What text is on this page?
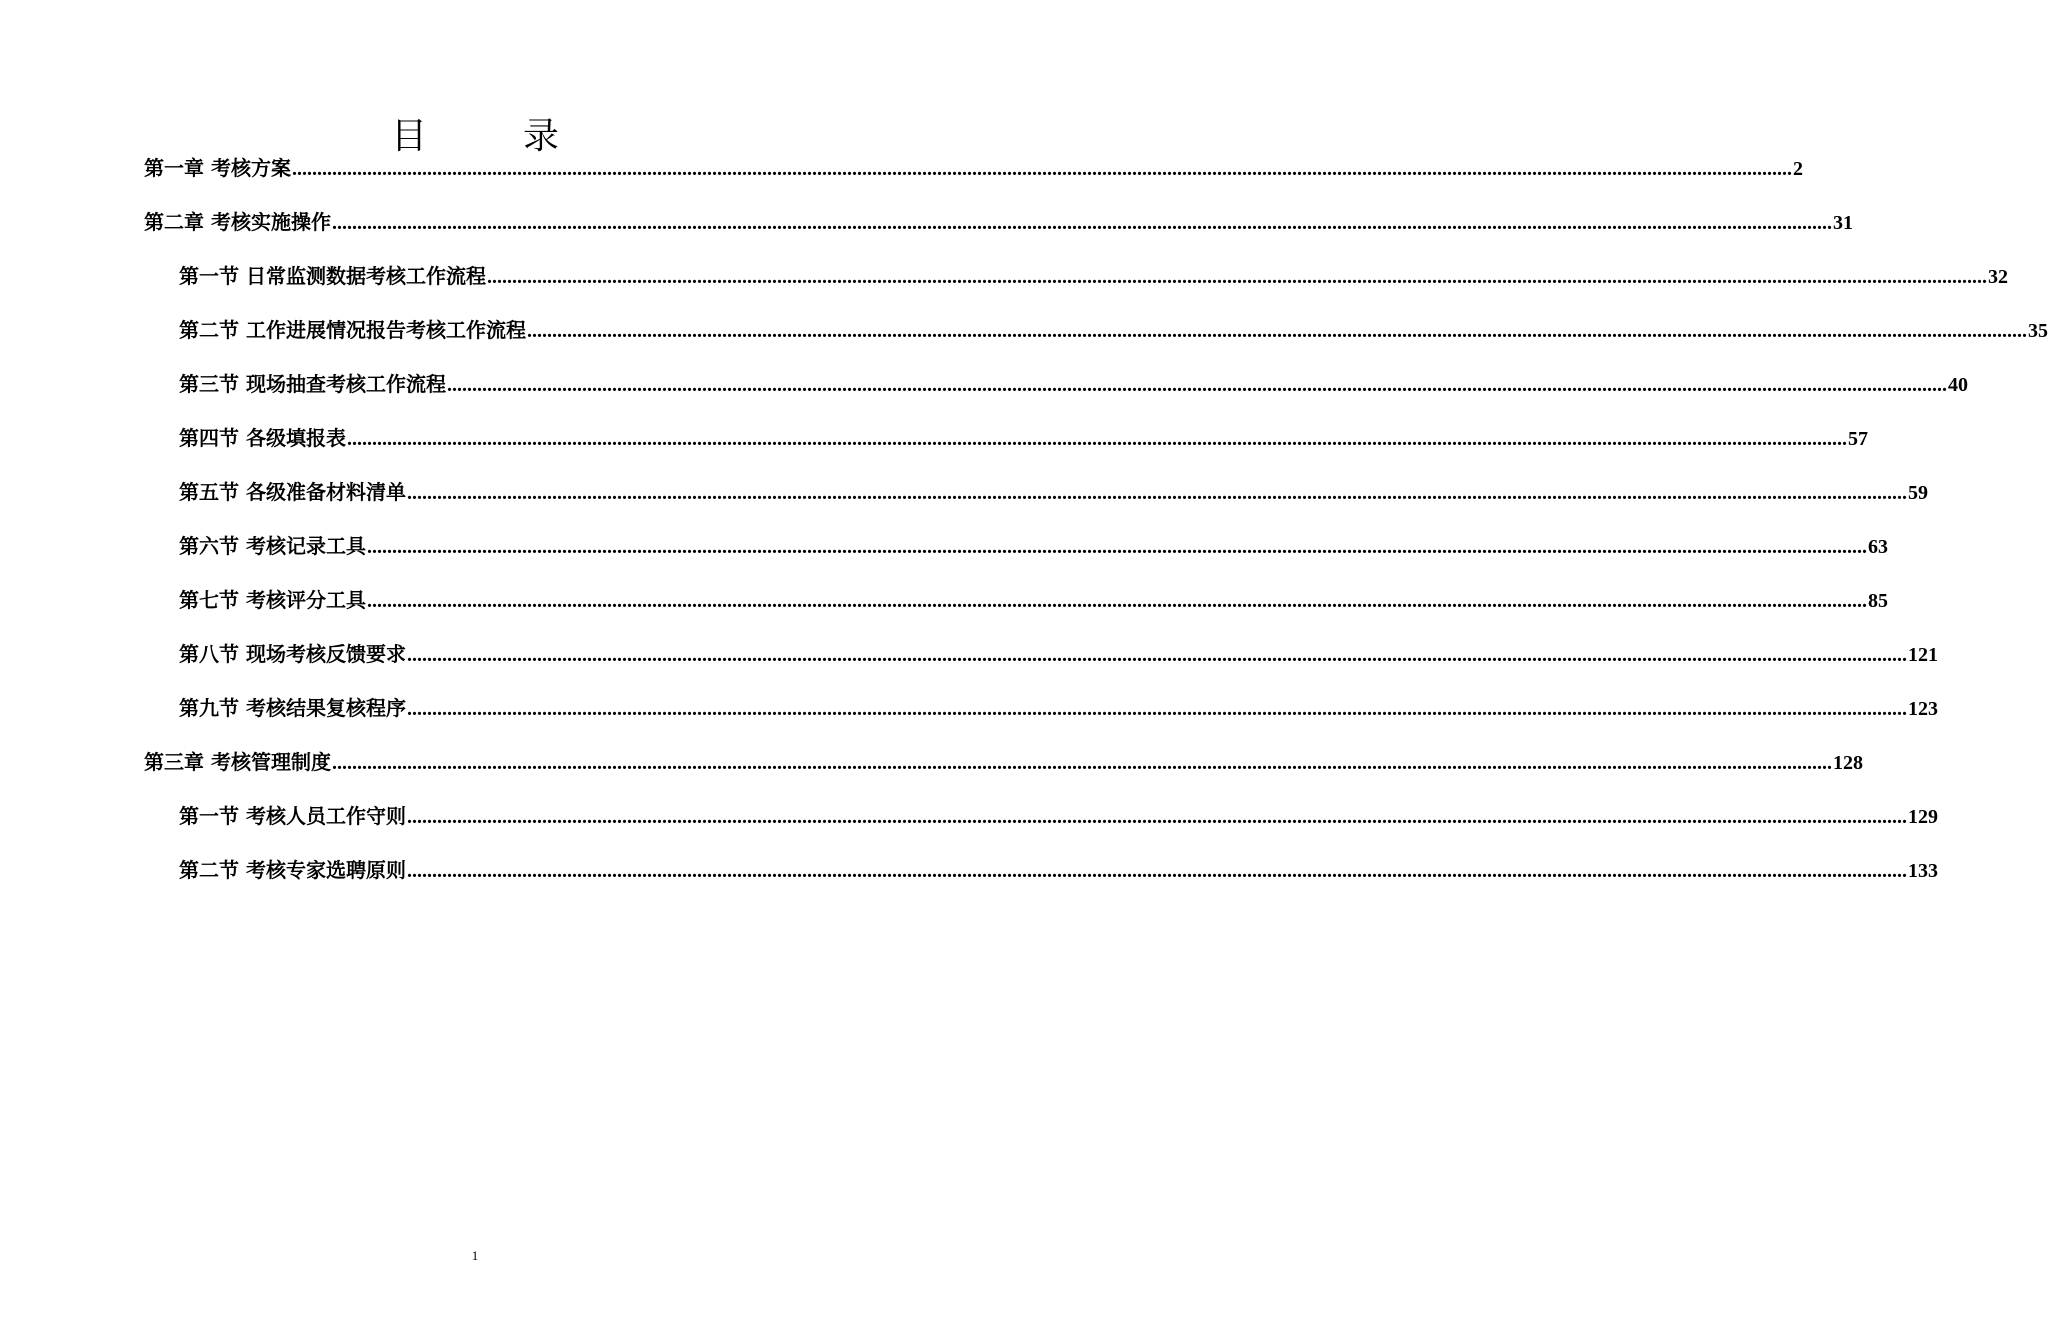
目　录
第一章 考核方案 ............................................................................................................................................................................................................................................................................................................ 2
第二章 考核实施操作 ............................................................................................................................................................................................................................................................................................................ 31
第一节 日常监测数据考核工作流程 ............................................................................................................................................................................................................................................................................................................ 32
第二节 工作进展情况报告考核工作流程 ............................................................................................................................................................................................................................................................................................................ 35
第三节 现场抽查考核工作流程 ............................................................................................................................................................................................................................................................................................................ 40
第四节 各级填报表 ............................................................................................................................................................................................................................................................................................................ 57
第五节 各级准备材料清单 ............................................................................................................................................................................................................................................................................................................ 59
第六节 考核记录工具 ............................................................................................................................................................................................................................................................................................................ 63
第七节 考核评分工具 ............................................................................................................................................................................................................................................................................................................ 85
第八节 现场考核反馈要求 ............................................................................................................................................................................................................................................................................................................ 121
第九节 考核结果复核程序 ............................................................................................................................................................................................................................................................................................................ 123
第三章 考核管理制度 ............................................................................................................................................................................................................................................................................................................ 128
第一节 考核人员工作守则 ............................................................................................................................................................................................................................................................................................................ 129
第二节 考核专家选聘原则 ............................................................................................................................................................................................................................................................................................................ 133
1
